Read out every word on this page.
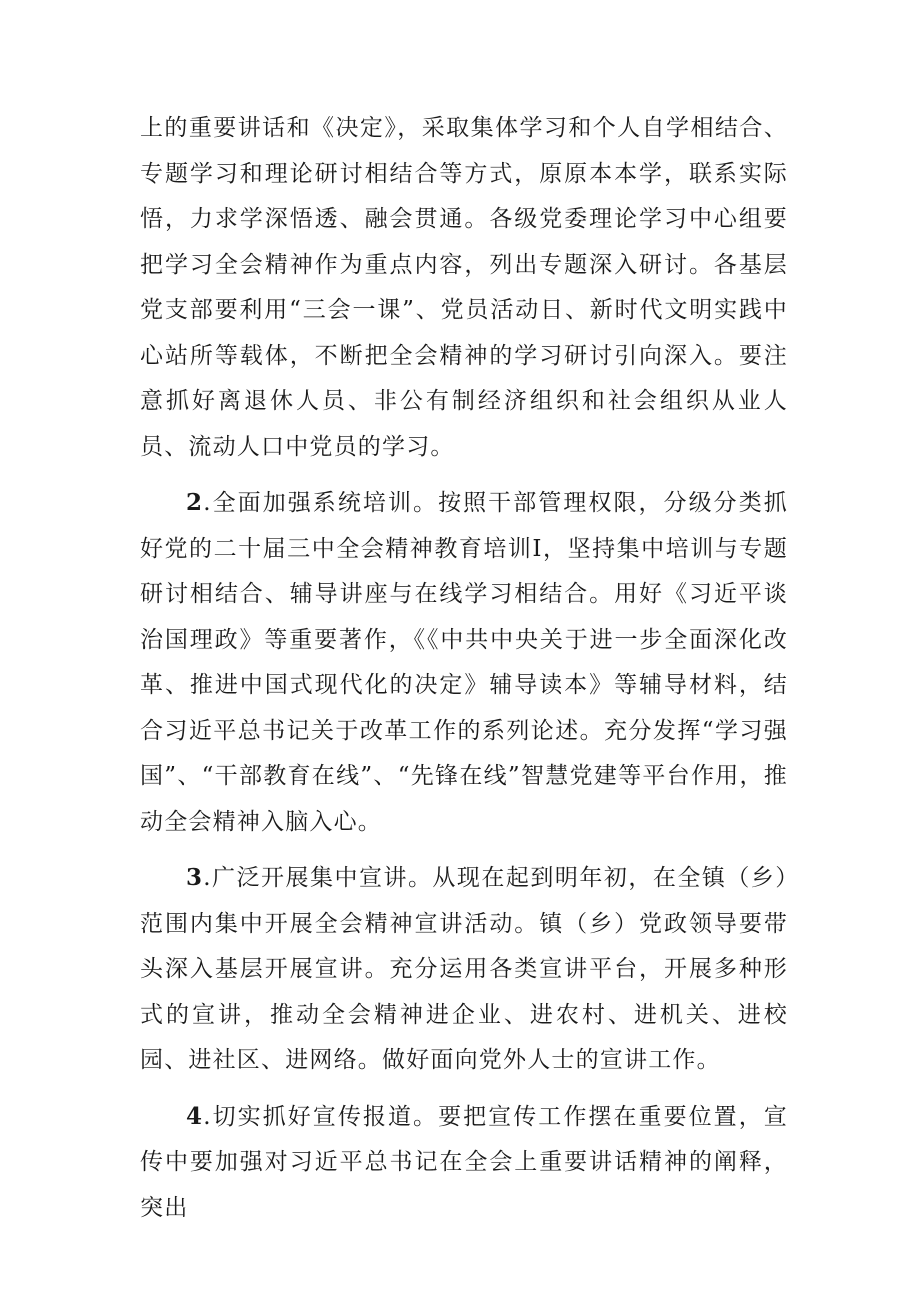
上的重要讲话和《决定》，采取集体学习和个人自学相结合、专题学习和理论研讨相结合等方式，原原本本学，联系实际悟，力求学深悟透、融会贯通。各级党委理论学习中心组要把学习全会精神作为重点内容，列出专题深入研讨。各基层党支部要利用“三会一课”、党员活动日、新时代文明实践中心站所等载体，不断把全会精神的学习研讨引向深入。要注意抓好离退休人员、非公有制经济组织和社会组织从业人员、流动人口中党员的学习。

2.全面加强系统培训。按照干部管理权限，分级分类抓好党的二十届三中全会精神教育培训I，坚持集中培训与专题研讨相结合、辅导讲座与在线学习相结合。用好《习近平谈治国理政》等重要著作，《《中共中央关于进一步全面深化改革、推进中国式现代化的决定》辅导读本》等辅导材料，结合习近平总书记关于改革工作的系列论述。充分发挥“学习强国”、“干部教育在线”、“先锋在线”智慧党建等平台作用，推动全会精神入脑入心。

3.广泛开展集中宣讲。从现在起到明年初，在全镇（乡）范围内集中开展全会精神宣讲活动。镇（乡）党政领导要带头深入基层开展宣讲。充分运用各类宣讲平台，开展多种形式的宣讲，推动全会精神进企业、进农村、进机关、进校园、进社区、进网络。做好面向党外人士的宣讲工作。

4.切实抓好宣传报道。要把宣传工作摆在重要位置，宣传中要加强对习近平总书记在全会上重要讲话精神的阐释，突出
